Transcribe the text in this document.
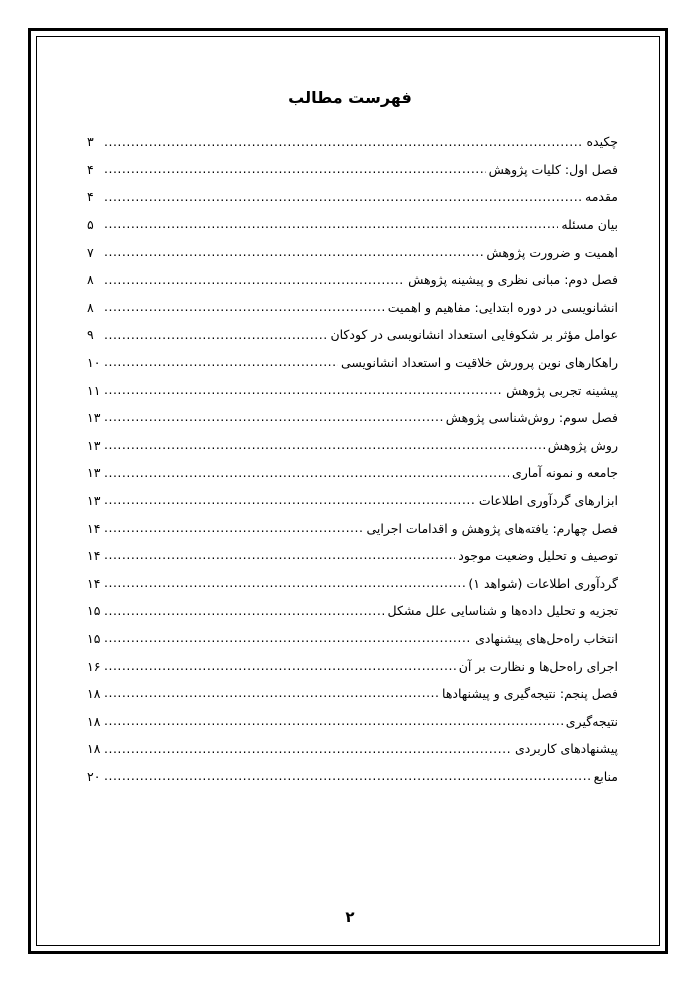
فهرست مطالب
چکیده
.....
۳
فصل اول: کلیات پژوهش
.....
۴
مقدمه
.....
۴
بیان مسئله
.....
۵
اهمیت و ضرورت پژوهش
.....
۷
فصل دوم: مبانی نظری و پیشینه پژوهش
.....
۸
انشانویسی در دوره ابتدایی: مفاهیم و اهمیت
.....
۸
عوامل مؤثر بر شکوفایی استعداد انشانویسی در کودکان
.....
۹
راهکارهای نوین پرورش خلاقیت و استعداد انشانویسی
.....
۱۰
پیشینه تجربی پژوهش
.....
۱۱
فصل سوم: روش‌شناسی پژوهش
.....
۱۳
روش پژوهش
.....
۱۳
جامعه و نمونه آماری
.....
۱۳
ابزارهای گردآوری اطلاعات
.....
۱۳
فصل چهارم: یافته‌های پژوهش و اقدامات اجرایی
.....
۱۴
توصیف و تحلیل وضعیت موجود
.....
۱۴
گردآوری اطلاعات (شواهد ۱)
.....
۱۴
تجزیه و تحلیل داده‌ها و شناسایی علل مشکل
.....
۱۵
انتخاب راه‌حل‌های پیشنهادی
.....
۱۵
اجرای راه‌حل‌ها و نظارت بر آن
.....
۱۶
فصل پنجم: نتیجه‌گیری و پیشنهادها
.....
۱۸
نتیجه‌گیری
.....
۱۸
پیشنهادهای کاربردی
.....
۱۸
منابع
.....
۲۰
۲
